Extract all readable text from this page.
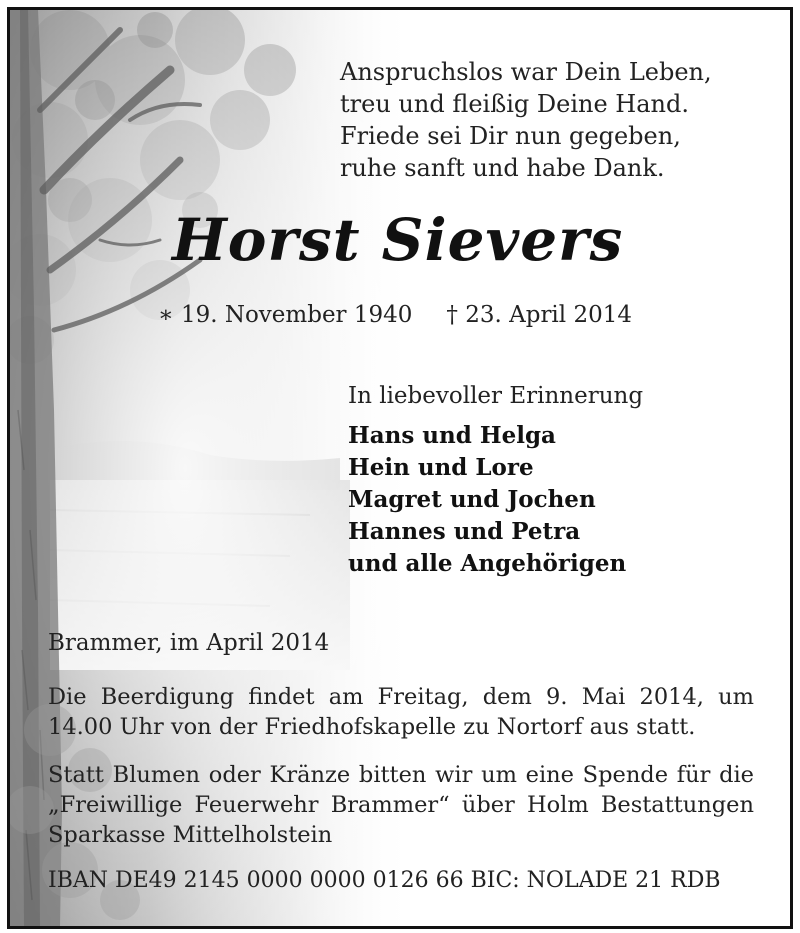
Anspruchslos war Dein Leben,
treu und fleißig Deine Hand.
Friede sei Dir nun gegeben,
ruhe sanft und habe Dank.
Horst Sievers
∗ 19. November 1940 † 23. April 2014
In liebevoller Erinnerung
Hans und Helga
Hein und Lore
Magret und Jochen
Hannes und Petra
und alle Angehörigen
Brammer, im April 2014
Die Beerdigung findet am Freitag, dem 9. Mai 2014, um 14.00 Uhr von der Friedhofskapelle zu Nortorf aus statt.
Statt Blumen oder Kränze bitten wir um eine Spende für die „Freiwillige Feuerwehr Brammer“ über Holm Bestattungen Sparkasse Mittelholstein
IBAN DE49 2145 0000 0000 0126 66 BIC: NOLADE 21 RDB
